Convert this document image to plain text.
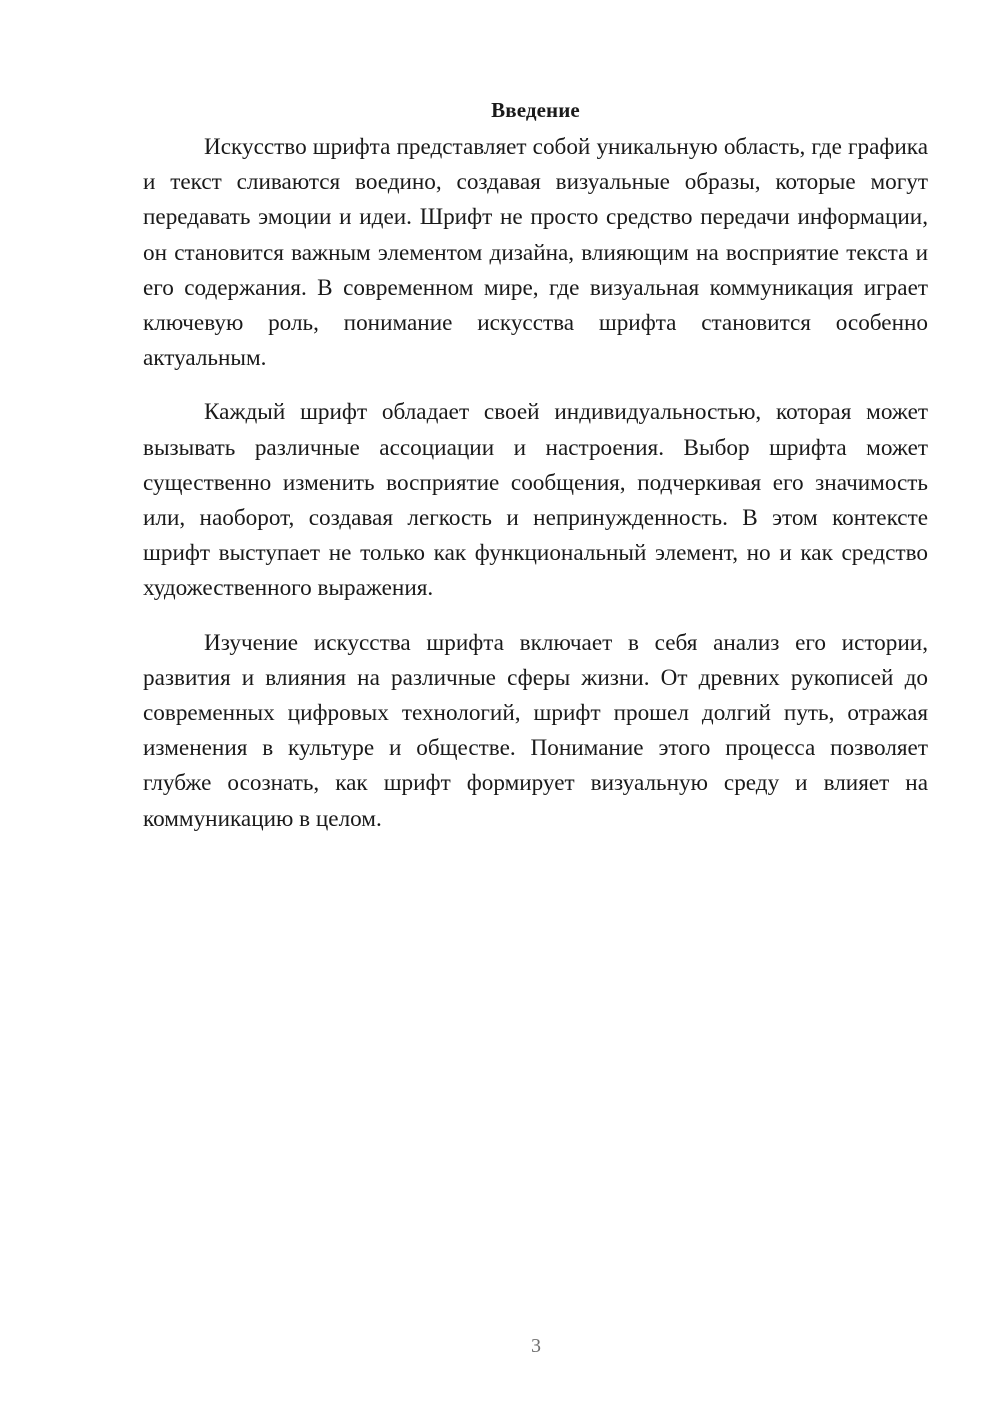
Введение

Искусство шрифта представляет собой уникальную область, где графика и текст сливаются воедино, создавая визуальные образы, которые могут передавать эмоции и идеи. Шрифт не просто средство передачи информации, он становится важным элементом дизайна, влияющим на восприятие текста и его содержания. В современном мире, где визуальная коммуникация играет ключевую роль, понимание искусства шрифта становится особенно актуальным.

Каждый шрифт обладает своей индивидуальностью, которая может вызывать различные ассоциации и настроения. Выбор шрифта может существенно изменить восприятие сообщения, подчеркивая его значимость или, наоборот, создавая легкость и непринужденность. В этом контексте шрифт выступает не только как функциональный элемент, но и как средство художественного выражения.

Изучение искусства шрифта включает в себя анализ его истории, развития и влияния на различные сферы жизни. От древних рукописей до современных цифровых технологий, шрифт прошел долгий путь, отражая изменения в культуре и обществе. Понимание этого процесса позволяет глубже осознать, как шрифт формирует визуальную среду и влияет на коммуникацию в целом.

3
